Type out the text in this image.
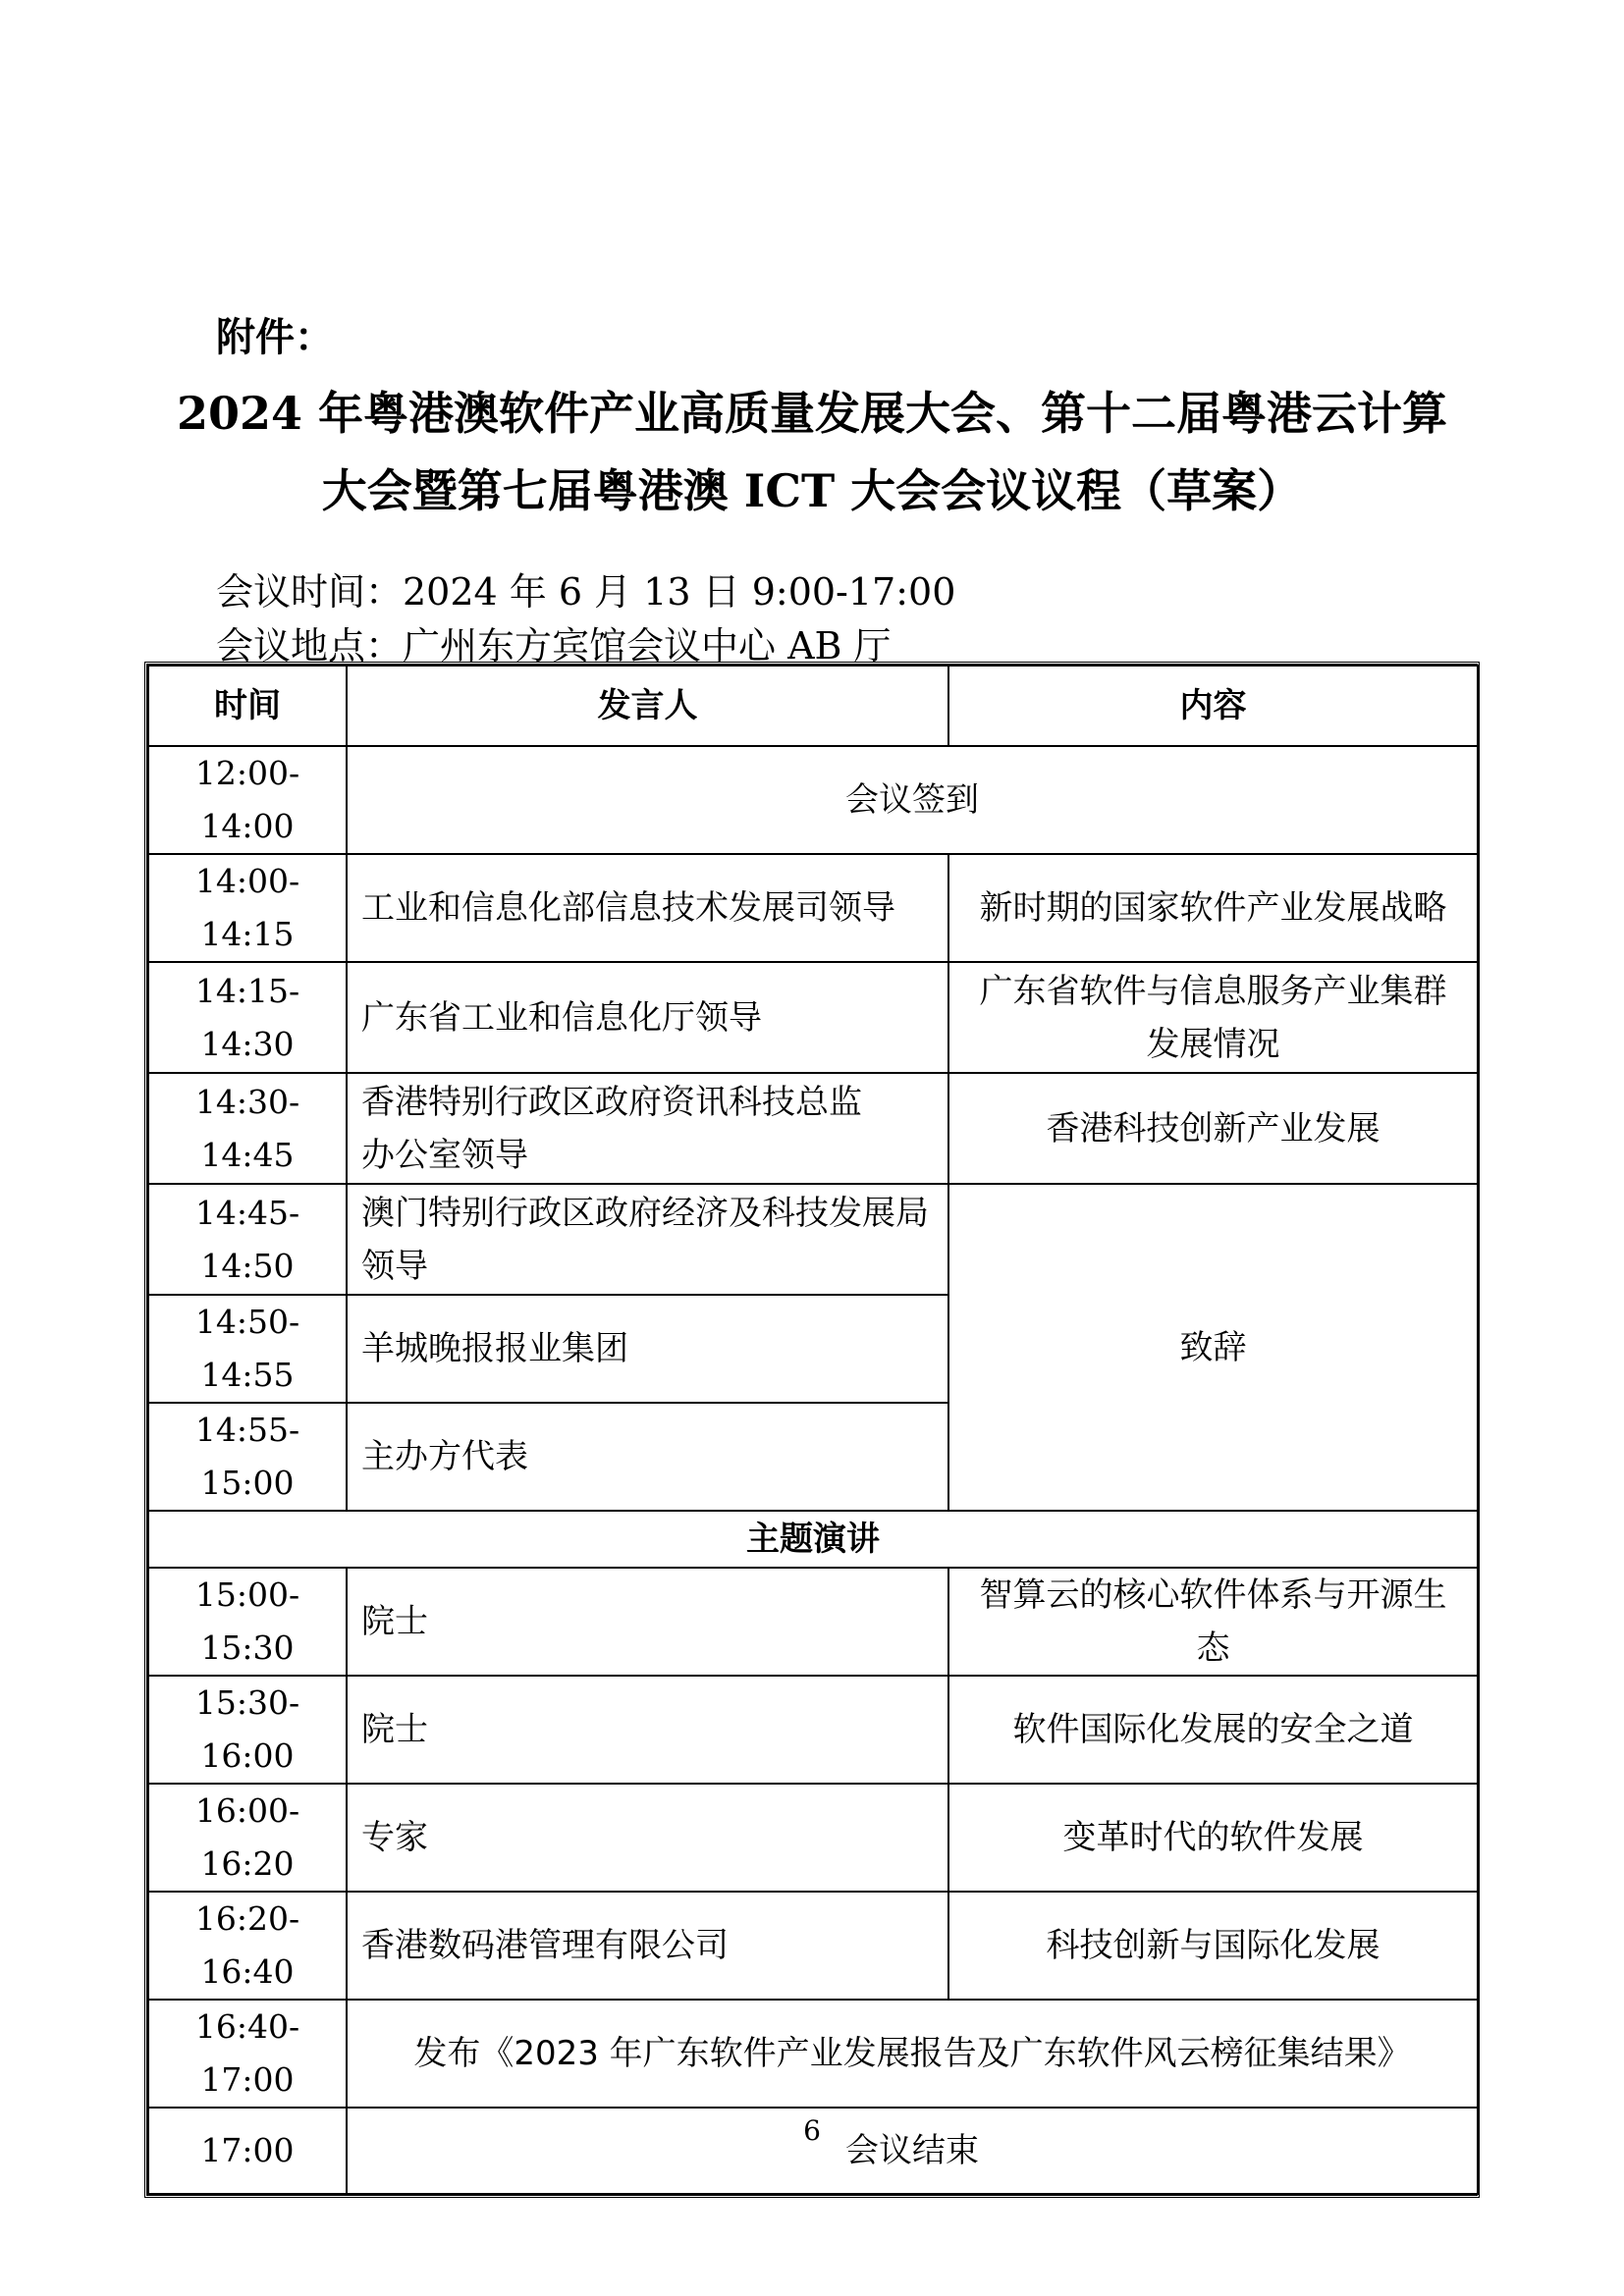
附件：
2024 年粤港澳软件产业高质量发展大会、第十二届粤港云计算
大会暨第七届粤港澳 ICT 大会会议议程（草案）
会议时间：2024 年 6 月 13 日 9:00-17:00
会议地点：广州东方宾馆会议中心 AB 厅
时间	发言人	内容
12:00-14:00	会议签到	
14:00-14:15	工业和信息化部信息技术发展司领导	新时期的国家软件产业发展战略
14:15-14:30	广东省工业和信息化厅领导	广东省软件与信息服务产业集群
发展情况
14:30-14:45	香港特别行政区政府资讯科技总监
办公室领导	香港科技创新产业发展
14:45-14:50	澳门特别行政区政府经济及科技发展局
领导	致辞
14:50-14:55	羊城晚报报业集团	
14:55-15:00	主办方代表	
主题演讲		
15:00-15:30	院士	智算云的核心软件体系与开源生态
15:30-16:00	院士	软件国际化发展的安全之道
16:00-16:20	专家	变革时代的软件发展
16:20-16:40	香港数码港管理有限公司	科技创新与国际化发展
16:40-17:00	发布《2023 年广东软件产业发展报告及广东软件风云榜征集结果》	
17:00	会议结束	
6
